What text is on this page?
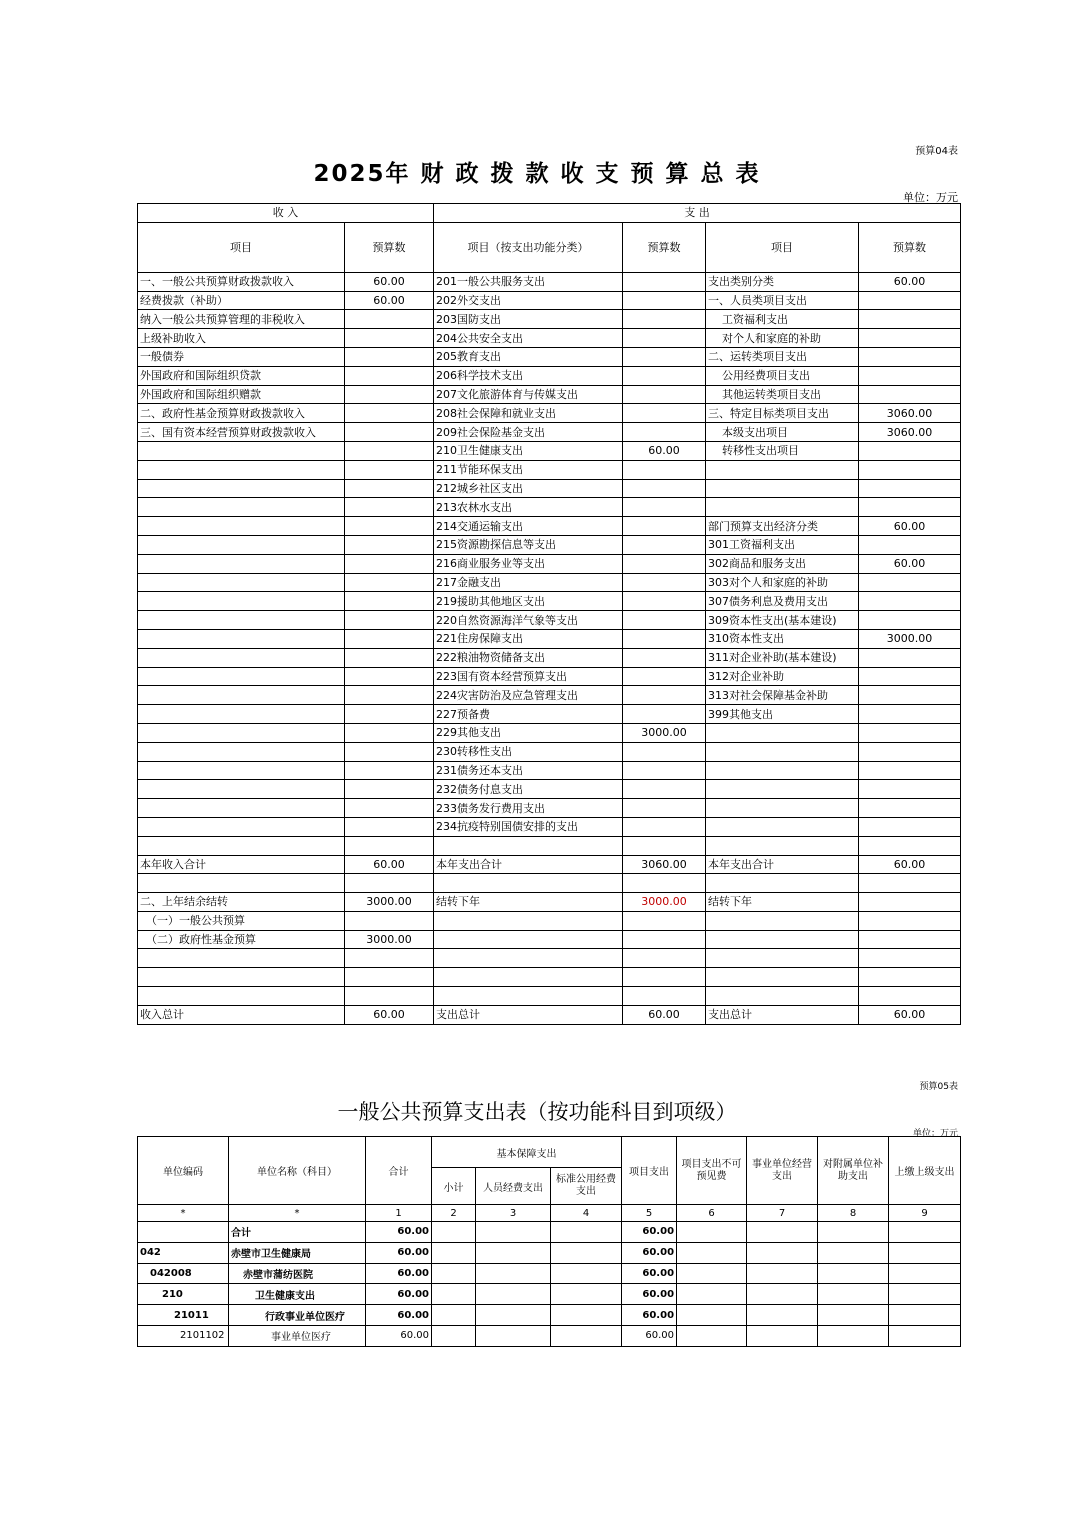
预算04表
2025年 财 政 拨 款 收 支 预 算 总 表
单位：万元
收 入		支 出			
项目	预算数	项目（按支出功能分类）	预算数	项目	预算数
一、一般公共预算财政拨款收入	60.00	201一般公共服务支出		支出类别分类	60.00
经费拨款（补助）	60.00	202外交支出		一、人员类项目支出	
纳入一般公共预算管理的非税收入		203国防支出		工资福利支出	
上级补助收入		204公共安全支出		对个人和家庭的补助	
一般债券		205教育支出		二、运转类项目支出	
外国政府和国际组织贷款		206科学技术支出		公用经费项目支出	
外国政府和国际组织赠款		207文化旅游体育与传媒支出		其他运转类项目支出	
二、政府性基金预算财政拨款收入		208社会保障和就业支出		三、特定目标类项目支出	3060.00
三、国有资本经营预算财政拨款收入		209社会保险基金支出		本级支出项目	3060.00
		210卫生健康支出	60.00	转移性支出项目	
		211节能环保支出			
		212城乡社区支出			
		213农林水支出			
		214交通运输支出		部门预算支出经济分类	60.00
		215资源勘探信息等支出		301工资福利支出	
		216商业服务业等支出		302商品和服务支出	60.00
		217金融支出		303对个人和家庭的补助	
		219援助其他地区支出		307债务利息及费用支出	
		220自然资源海洋气象等支出		309资本性支出(基本建设)	
		221住房保障支出		310资本性支出	3000.00
		222粮油物资储备支出		311对企业补助(基本建设)	
		223国有资本经营预算支出		312对企业补助	
		224灾害防治及应急管理支出		313对社会保障基金补助	
		227预备费		399其他支出	
		229其他支出	3000.00		
		230转移性支出			
		231债务还本支出			
		232债务付息支出			
		233债务发行费用支出			
		234抗疫特别国债安排的支出			

本年收入合计	60.00	本年支出合计	3060.00	本年支出合计	60.00

二、上年结余结转	3000.00	结转下年	3000.00	结转下年	
（一）一般公共预算					
（二）政府性基金预算	3000.00				

收入总计	60.00	支出总计	60.00	支出总计	60.00
预算05表
一般公共预算支出表（按功能科目到项级）
单位：万元
单位编码	单位名称（科目）	合计	基本保障支出			项目支出	项目支出不可预见费	事业单位经营支出	对附属单位补助支出	上缴上级支出
			小计	人员经费支出	标准公用经费支出					
*	*	1	2	3	4	5	6	7	8	9
	合计	60.00				60.00				
042	赤壁市卫生健康局	60.00				60.00				
042008	赤壁市蒲纺医院	60.00				60.00				
210	卫生健康支出	60.00				60.00				
21011	行政事业单位医疗	60.00				60.00				
2101102	事业单位医疗	60.00				60.00				
